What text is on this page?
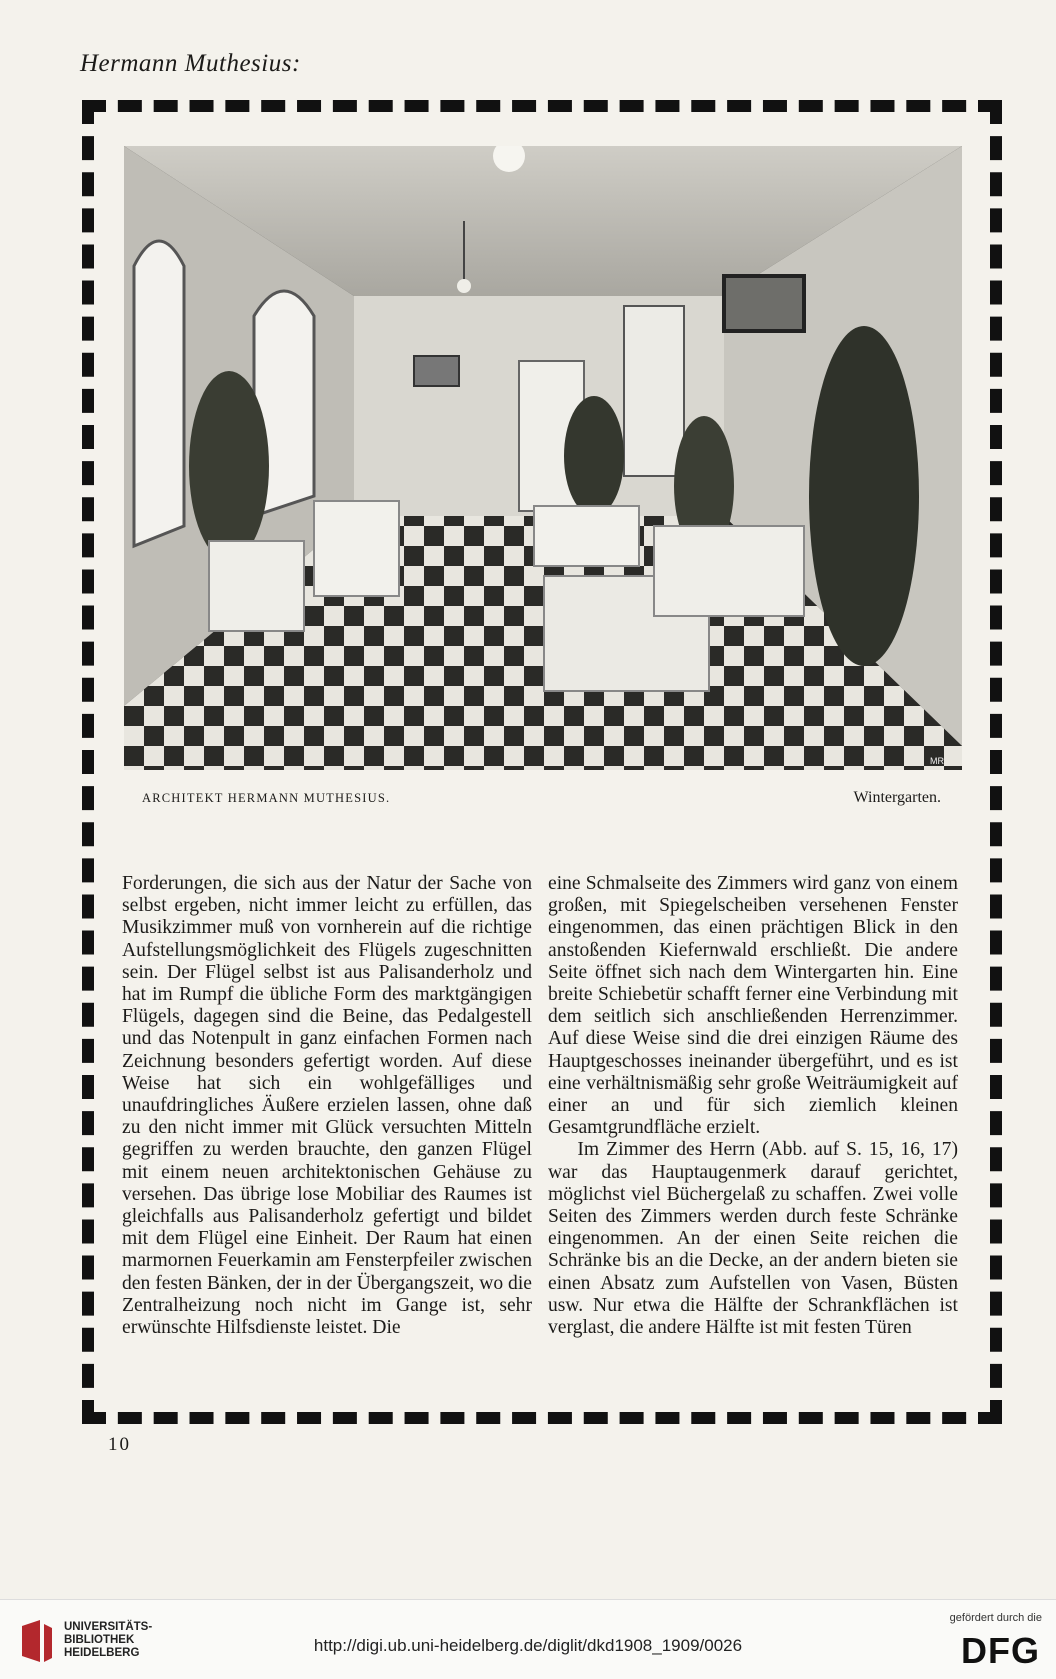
Hermann Muthesius:
MR
ARCHITEKT HERMANN MUTHESIUS.	Wintergarten.

Forderungen, die sich aus der Natur der Sache von selbst ergeben, nicht immer leicht zu erfüllen, das Musikzimmer muß von vornherein auf die richtige Aufstellungsmöglichkeit des Flügels zugeschnitten sein. Der Flügel selbst ist aus Palisanderholz und hat im Rumpf die übliche Form des marktgängigen Flügels, dagegen sind die Beine, das Pedalgestell und das Notenpult in ganz einfachen Formen nach Zeichnung besonders gefertigt worden. Auf diese Weise hat sich ein wohlgefälliges und unaufdringliches Äußere erzielen lassen, ohne daß zu den nicht immer mit Glück versuchten Mitteln gegriffen zu werden brauchte, den ganzen Flügel mit einem neuen architektonischen Gehäuse zu versehen. Das übrige lose Mobiliar des Raumes ist gleichfalls aus Palisanderholz gefertigt und bildet mit dem Flügel eine Einheit. Der Raum hat einen marmornen Feuerkamin am Fensterpfeiler zwischen den festen Bänken, der in der Übergangszeit, wo die Zentralheizung noch nicht im Gange ist, sehr erwünschte Hilfsdienste leistet. Die

eine Schmalseite des Zimmers wird ganz von einem großen, mit Spiegelscheiben versehenen Fenster eingenommen, das einen prächtigen Blick in den anstoßenden Kiefernwald erschließt. Die andere Seite öffnet sich nach dem Wintergarten hin. Eine breite Schiebetür schafft ferner eine Verbindung mit dem seitlich sich anschließenden Herrenzimmer. Auf diese Weise sind die drei einzigen Räume des Hauptgeschosses ineinander übergeführt, und es ist eine verhältnismäßig sehr große Weiträumigkeit auf einer an und für sich ziemlich kleinen Gesamtgrundfläche erzielt.

Im Zimmer des Herrn (Abb. auf S. 15, 16, 17) war das Hauptaugenmerk darauf gerichtet, möglichst viel Büchergelaß zu schaffen. Zwei volle Seiten des Zimmers werden durch feste Schränke eingenommen. An der einen Seite reichen die Schränke bis an die Decke, an der andern bieten sie einen Absatz zum Aufstellen von Vasen, Büsten usw. Nur etwa die Hälfte der Schrankflächen ist verglast, die andere Hälfte ist mit festen Türen

10
UNIVERSITÄTS-
BIBLIOTHEK
HEIDELBERG	http://digi.ub.uni-heidelberg.de/diglit/dkd1908_1909/0026
gefördert durch die
DFG
